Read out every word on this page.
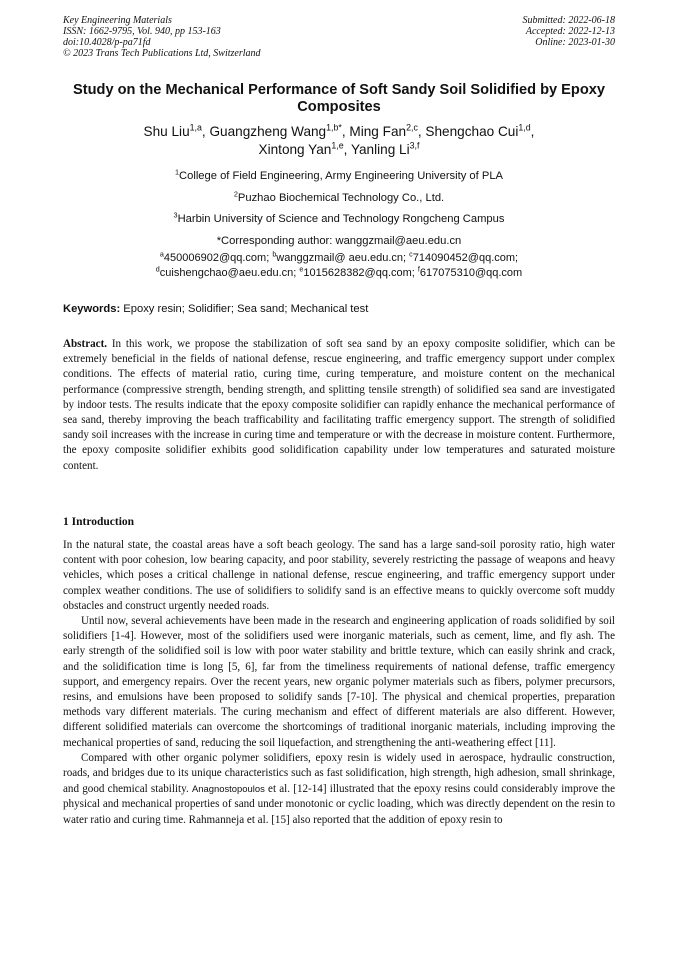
Key Engineering Materials
ISSN: 1662-9795, Vol. 940, pp 153-163
doi:10.4028/p-pa71fd
© 2023 Trans Tech Publications Ltd, Switzerland
Submitted: 2022-06-18
Accepted: 2022-12-13
Online: 2023-01-30
Study on the Mechanical Performance of Soft Sandy Soil Solidified by Epoxy Composites
Shu Liu$^{1,a}$, Guangzheng Wang$^{1,b*}$, Ming Fan$^{2,c}$, Shengchao Cui$^{1,d}$,
Xintong Yan$^{1,e}$, Yanling Li$^{3,f}$
$^1$College of Field Engineering, Army Engineering University of PLA
$^2$Puzhao Biochemical Technology Co., Ltd.
$^3$Harbin University of Science and Technology Rongcheng Campus
*Corresponding author: wanggzmail@aeu.edu.cn
$^a$450006902@qq.com; $^b$wanggzmail@ aeu.edu.cn; $^c$714090452@qq.com;
$^d$cuishengchao@aeu.edu.cn; $^e$1015628382@qq.com; $^f$617075310@qq.com
Keywords: Epoxy resin; Solidifier; Sea sand; Mechanical test
Abstract. In this work, we propose the stabilization of soft sea sand by an epoxy composite solidifier, which can be extremely beneficial in the fields of national defense, rescue engineering, and traffic emergency support under complex conditions. The effects of material ratio, curing time, curing temperature, and moisture content on the mechanical performance (compressive strength, bending strength, and splitting tensile strength) of solidified sea sand are investigated by indoor tests. The results indicate that the epoxy composite solidifier can rapidly enhance the mechanical performance of sea sand, thereby improving the beach trafficability and facilitating traffic emergency support. The strength of solidified sandy soil increases with the increase in curing time and temperature or with the decrease in moisture content. Furthermore, the epoxy composite solidifier exhibits good solidification capability under low temperatures and saturated moisture content.
1 Introduction

In the natural state, the coastal areas have a soft beach geology. The sand has a large sand-soil porosity ratio, high water content with poor cohesion, low bearing capacity, and poor stability, severely restricting the passage of weapons and heavy vehicles, which poses a critical challenge in national defense, rescue engineering, and traffic emergency support under complex weather conditions. The use of solidifiers to solidify sand is an effective means to quickly overcome soft muddy obstacles and construct urgently needed roads.

Until now, several achievements have been made in the research and engineering application of roads solidified by soil solidifiers [1-4]. However, most of the solidifiers used were inorganic materials, such as cement, lime, and fly ash. The early strength of the solidified soil is low with poor water stability and brittle texture, which can easily shrink and crack, and the solidification time is long [5, 6], far from the timeliness requirements of national defense, traffic emergency support, and emergency repairs. Over the recent years, new organic polymer materials such as fibers, polymer precursors, resins, and emulsions have been proposed to solidify sands [7-10]. The physical and chemical properties, preparation methods vary different materials. The curing mechanism and effect of different materials are also different. However, different solidified materials can overcome the shortcomings of traditional inorganic materials, including improving the mechanical properties of sand, reducing the soil liquefaction, and strengthening the anti-weathering effect [11].

Compared with other organic polymer solidifiers, epoxy resin is widely used in aerospace, hydraulic construction, roads, and bridges due to its unique characteristics such as fast solidification, high strength, high adhesion, small shrinkage, and good chemical stability. Anagnostopoulos et al. [12-14] illustrated that the epoxy resins could considerably improve the physical and mechanical properties of sand under monotonic or cyclic loading, which was directly dependent on the resin to water ratio and curing time. Rahmanneja et al. [15] also reported that the addition of epoxy resin to
